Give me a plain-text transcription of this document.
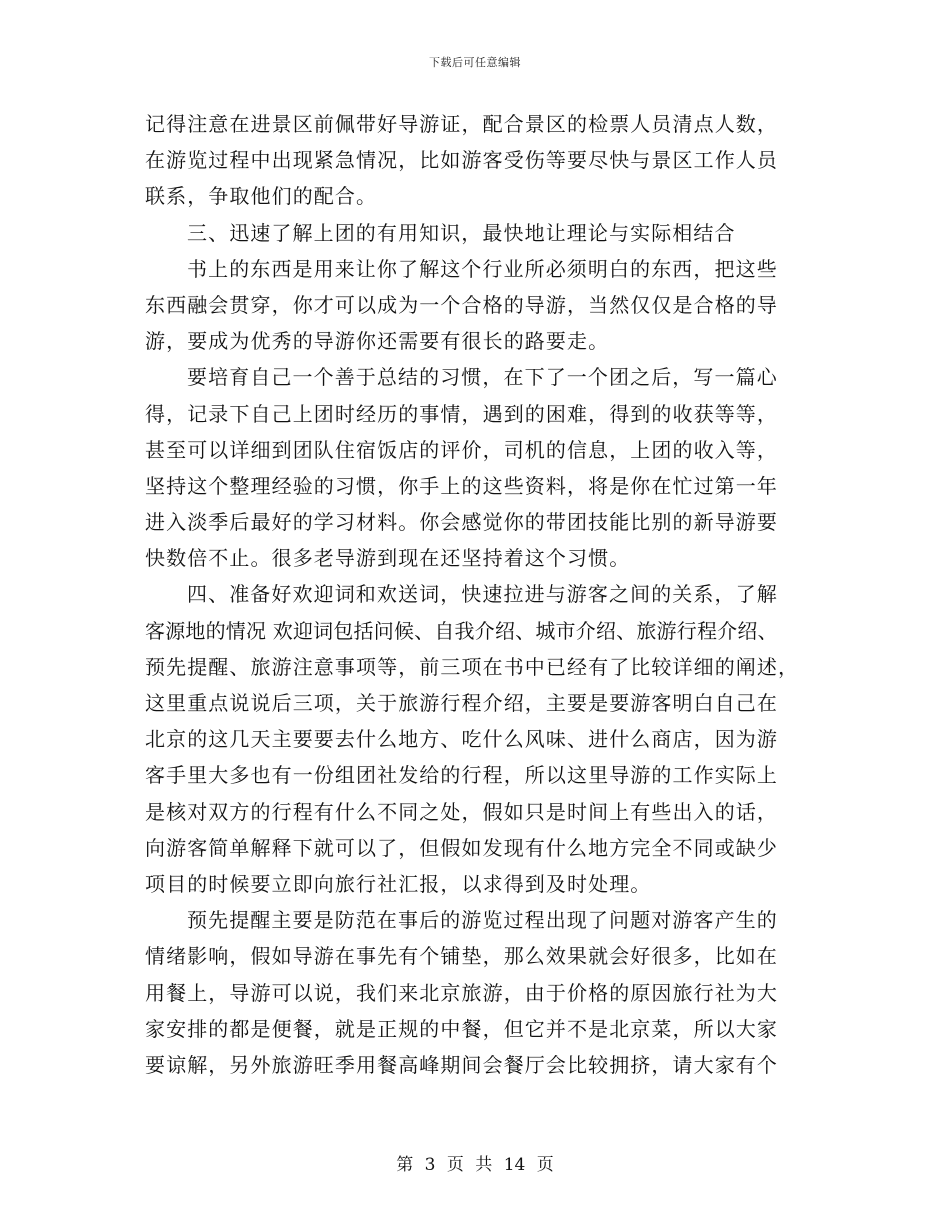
下载后可任意编辑
记得注意在进景区前佩带好导游证，配合景区的检票人员清点人数，
在游览过程中出现紧急情况，比如游客受伤等要尽快与景区工作人员
联系，争取他们的配合。
三、迅速了解上团的有用知识，最快地让理论与实际相结合
书上的东西是用来让你了解这个行业所必须明白的东西，把这些
东西融会贯穿，你才可以成为一个合格的导游，当然仅仅是合格的导
游，要成为优秀的导游你还需要有很长的路要走。
要培育自己一个善于总结的习惯，在下了一个团之后，写一篇心
得，记录下自己上团时经历的事情，遇到的困难，得到的收获等等，
甚至可以详细到团队住宿饭店的评价，司机的信息，上团的收入等，
坚持这个整理经验的习惯，你手上的这些资料，将是你在忙过第一年
进入淡季后最好的学习材料。你会感觉你的带团技能比别的新导游要
快数倍不止。很多老导游到现在还坚持着这个习惯。
四、准备好欢迎词和欢送词，快速拉进与游客之间的关系，了解
客源地的情况 欢迎词包括问候、自我介绍、城市介绍、旅游行程介绍、
预先提醒、旅游注意事项等，前三项在书中已经有了比较详细的阐述，
这里重点说说后三项，关于旅游行程介绍，主要是要游客明白自己在
北京的这几天主要要去什么地方、吃什么风味、进什么商店，因为游
客手里大多也有一份组团社发给的行程，所以这里导游的工作实际上
是核对双方的行程有什么不同之处，假如只是时间上有些出入的话，
向游客简单解释下就可以了，但假如发现有什么地方完全不同或缺少
项目的时候要立即向旅行社汇报，以求得到及时处理。
预先提醒主要是防范在事后的游览过程出现了问题对游客产生的
情绪影响，假如导游在事先有个铺垫，那么效果就会好很多，比如在
用餐上，导游可以说，我们来北京旅游，由于价格的原因旅行社为大
家安排的都是便餐，就是正规的中餐，但它并不是北京菜，所以大家
要谅解，另外旅游旺季用餐高峰期间会餐厅会比较拥挤，请大家有个
第 3 页 共 14 页
